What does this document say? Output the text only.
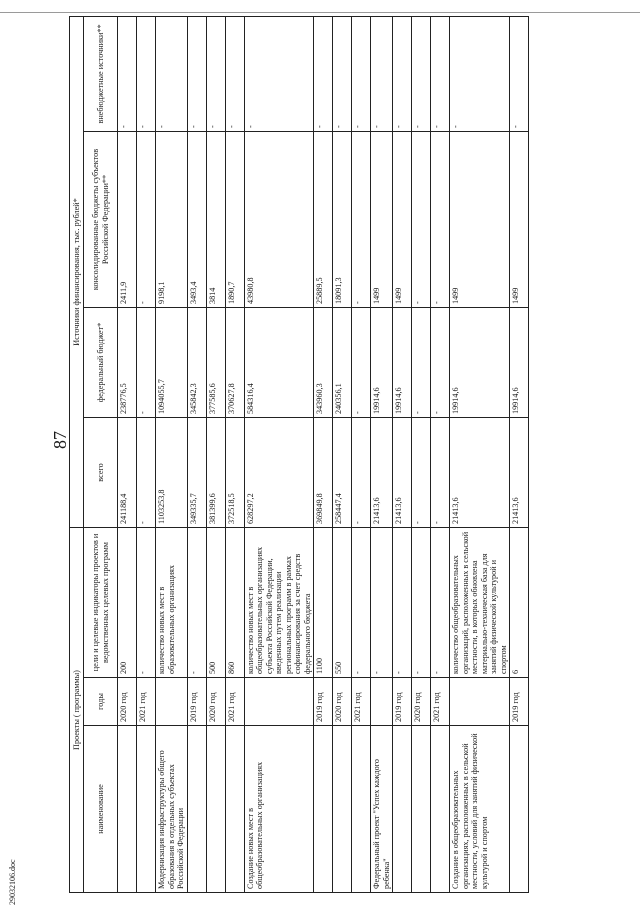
87
29032106.doc
Проекты ( программы)			Источники финансирования, тыс. рублей*			
наименование	годы	цели и целевые индикаторы проектов и ведомственных целевых программ	всего	федеральный бюджет*	консолидированные бюджеты субъектов Российской Федерации**	внебюджетные источники**
	2020 год	200	241188,4	238776,5	2411,9	-
	2021 год	-	-	-	-	-
Модернизация инфраструктуры общего образования в отдельных субъектах Российской Федерации		количество новых мест в образовательных организациях	1103253,8	1094055,7	9198,1	-
	2019 год	-	349335,7	345842,3	3493,4	-
	2020 год	500	381399,6	377585,6	3814	-
	2021 год	860	372518,5	370627,8	1890,7	-
Создание новых мест в общеобразовательных организациях		количество новых мест в общеобразовательных организациях субъекта Российской Федерации, введенных путем реализации региональных программ в рамках софинансирования за счет средств федерального бюджета	628297,2	584316,4	43980,8	-
	2019 год	1100	369849,8	343960,3	25889,5	-
	2020 год	550	258447,4	240356,1	18091,3	-
	2021 год	-	-	-	-	-
Федеральный проект "Успех каждого ребенка"		-	21413,6	19914,6	1499	-
	2019 год	-	21413,6	19914,6	1499	-
	2020 год	-	-	-	-	-
	2021 год	-	-	-	-	-
Создание в общеобразовательных организациях, расположенных в сельской местности, условий для занятий физической культурой и спортом		количество общеобразовательных организаций, расположенных в сельской местности, в которых обновлена материально-техническая база для занятий физической культурой и спортом	21413,6	19914,6	1499	-
	2019 год	6	21413,6	19914,6	1499	-
